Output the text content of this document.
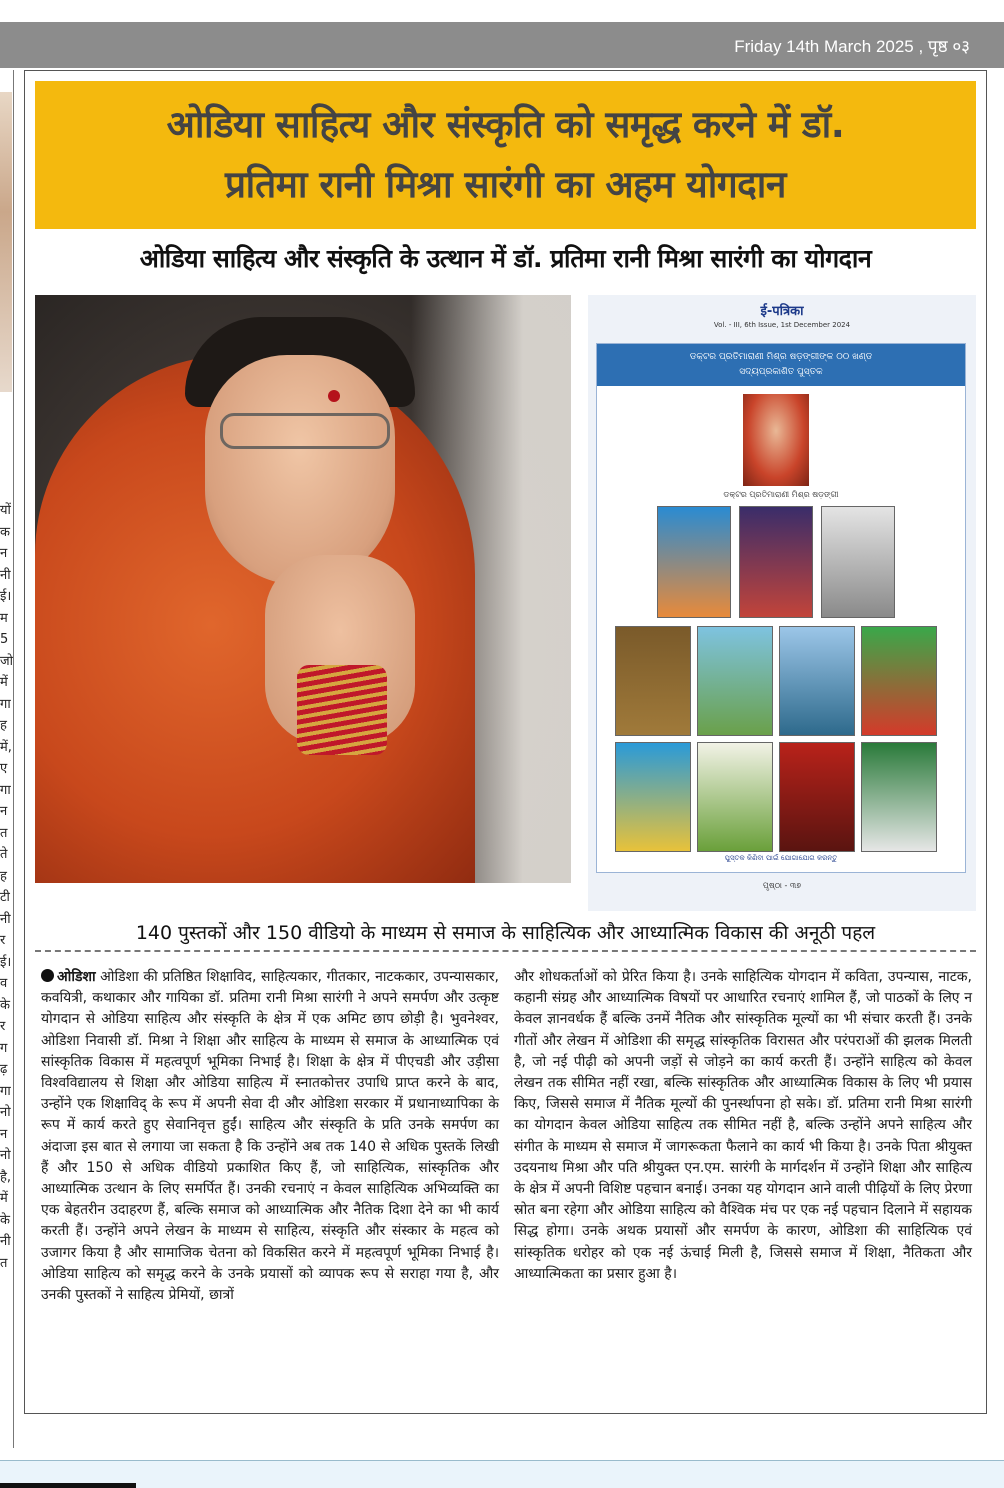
Friday 14th March 2025 , पृष्ठ ०३
यों
क
न
नी
ई।
म
5
जो
में
गा
ह
में,
ए
गा
न
त
ते
ह
टी
नी
र
ई।
व
के
र
ग
ढ़
गा
नो
न
नो
है,
में
के
नी
त
ओडिया साहित्य और संस्कृति को समृद्ध करने में डॉ.
प्रतिमा रानी मिश्रा सारंगी का अहम योगदान
ओडिया साहित्य और संस्कृति के उत्थान में डॉ. प्रतिमा रानी मिश्रा सारंगी का योगदान
ई-पत्रिका
Vol. - III, 6th Issue, 1st December 2024
ଡକ୍ଟର ପ୍ରତିମାରାଣୀ ମିଶ୍ର ଷଡ଼ଙ୍ଗୀଙ୍କ ୦୦ ଖଣ୍ଡ
ସଦ୍ୟପ୍ରକାଶିତ ପୁସ୍ତକ
ଡକ୍ଟର ପ୍ରତିମାରାଣୀ ମିଶ୍ର ଷଡ଼ଙ୍ଗୀ
ପୁସ୍ତକ କିଣିବା ପାଇଁ ଯୋଗାଯୋଗ କରନ୍ତୁ
ପୃଷ୍ଠା - ୩୭
140 पुस्तकों और 150 वीडियो के माध्यम से समाज के साहित्यिक और आध्यात्मिक विकास की अनूठी पहल
ओडिशा ओडिशा की प्रतिष्ठित शिक्षाविद, साहित्यकार, गीतकार, नाटककार, उपन्यासकार, कवयित्री, कथाकार और गायिका डॉ. प्रतिमा रानी मिश्रा सारंगी ने अपने समर्पण और उत्कृष्ट योगदान से ओडिया साहित्य और संस्कृति के क्षेत्र में एक अमिट छाप छोड़ी है। भुवनेश्वर, ओडिशा निवासी डॉ. मिश्रा ने शिक्षा और साहित्य के माध्यम से समाज के आध्यात्मिक एवं सांस्कृतिक विकास में महत्वपूर्ण भूमिका निभाई है। शिक्षा के क्षेत्र में पीएचडी और उड़ीसा विश्वविद्यालय से शिक्षा और ओडिया साहित्य में स्नातकोत्तर उपाधि प्राप्त करने के बाद, उन्होंने एक शिक्षाविद् के रूप में अपनी सेवा दी और ओडिशा सरकार में प्रधानाध्यापिका के रूप में कार्य करते हुए सेवानिवृत्त हुईं। साहित्य और संस्कृति के प्रति उनके समर्पण का अंदाजा इस बात से लगाया जा सकता है कि उन्होंने अब तक 140 से अधिक पुस्तकें लिखी हैं और 150 से अधिक वीडियो प्रकाशित किए हैं, जो साहित्यिक, सांस्कृतिक और आध्यात्मिक उत्थान के लिए समर्पित हैं। उनकी रचनाएं न केवल साहित्यिक अभिव्यक्ति का एक बेहतरीन उदाहरण हैं, बल्कि समाज को आध्यात्मिक और नैतिक दिशा देने का भी कार्य करती हैं। उन्होंने अपने लेखन के माध्यम से साहित्य, संस्कृति और संस्कार के महत्व को उजागर किया है और सामाजिक चेतना को विकसित करने में महत्वपूर्ण भूमिका निभाई है। ओडिया साहित्य को समृद्ध करने के उनके प्रयासों को व्यापक रूप से सराहा गया है, और उनकी पुस्तकों ने साहित्य प्रेमियों, छात्रों
और शोधकर्ताओं को प्रेरित किया है। उनके साहित्यिक योगदान में कविता, उपन्यास, नाटक, कहानी संग्रह और आध्यात्मिक विषयों पर आधारित रचनाएं शामिल हैं, जो पाठकों के लिए न केवल ज्ञानवर्धक हैं बल्कि उनमें नैतिक और सांस्कृतिक मूल्यों का भी संचार करती हैं। उनके गीतों और लेखन में ओडिशा की समृद्ध सांस्कृतिक विरासत और परंपराओं की झलक मिलती है, जो नई पीढ़ी को अपनी जड़ों से जोड़ने का कार्य करती हैं। उन्होंने साहित्य को केवल लेखन तक सीमित नहीं रखा, बल्कि सांस्कृतिक और आध्यात्मिक विकास के लिए भी प्रयास किए, जिससे समाज में नैतिक मूल्यों की पुनर्स्थापना हो सके। डॉ. प्रतिमा रानी मिश्रा सारंगी का योगदान केवल ओडिया साहित्य तक सीमित नहीं है, बल्कि उन्होंने अपने साहित्य और संगीत के माध्यम से समाज में जागरूकता फैलाने का कार्य भी किया है। उनके पिता श्रीयुक्त उदयनाथ मिश्रा और पति श्रीयुक्त एन.एम. सारंगी के मार्गदर्शन में उन्होंने शिक्षा और साहित्य के क्षेत्र में अपनी विशिष्ट पहचान बनाई। उनका यह योगदान आने वाली पीढ़ियों के लिए प्रेरणा स्रोत बना रहेगा और ओडिया साहित्य को वैश्विक मंच पर एक नई पहचान दिलाने में सहायक सिद्ध होगा। उनके अथक प्रयासों और समर्पण के कारण, ओडिशा की साहित्यिक एवं सांस्कृतिक धरोहर को एक नई ऊंचाई मिली है, जिससे समाज में शिक्षा, नैतिकता और आध्यात्मिकता का प्रसार हुआ है।
